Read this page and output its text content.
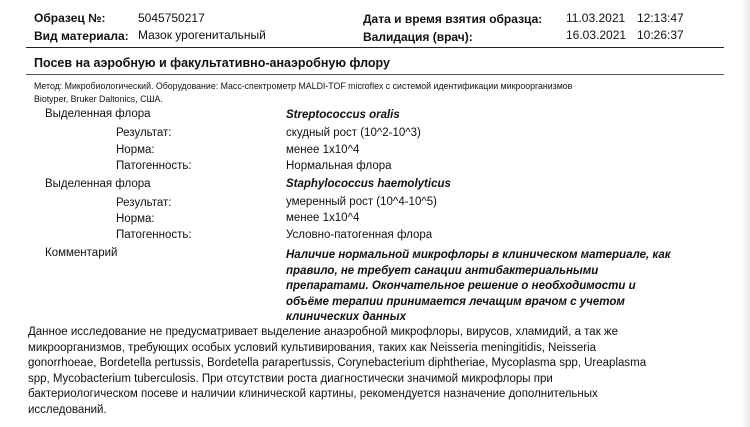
Образец №:	5045750217
Вид материала: Мазок урогенитальный
Дата и время взятия образца: 11.03.2021 12:13:47
Валидация (врач):	16.03.2021 10:26:37
Посев на аэробную и факультативно-анаэробную флору
Метод: Микробиологический. Оборудование: Масс-спектрометр MALDI-TOF microflex с системой идентификации микроорганизмов
Biotyper, Bruker Daltonics, США.
Выделенная флора	Streptococcus oralis
Результат:	скудный рост (10^2-10^3)
Норма:	менее 1х10^4
Патогенность:	Нормальная флора
Выделенная флора	Staphylococcus haemolyticus
Результат:	умеренный рост (10^4-10^5)
Норма:	менее 1х10^4
Патогенность:	Условно-патогенная флора
Комментарий	Наличие нормальной микрофлоры в клиническом материале, как
правило, не требует санации антибактериальными
препаратами. Окончательное решение о необходимости и
объёме терапии принимается лечащим врачом с учетом
клинических данных
Данное исследование не предусматривает выделение анаэробной микрофлоры, вирусов, хламидий, а так же
микроорганизмов, требующих особых условий культивирования, таких как Neisseria meningitidis, Neisseria
gonorrhoeae, Bordetella pertussis, Bordetella parapertussis, Corynebacterium diphtheriae, Mycoplasma spp, Ureaplasma
spp, Mycobacterium tuberculosis. При отсутствии роста диагностически значимой микрофлоры при
бактериологическом посеве и наличии клинической картины, рекомендуется назначение дополнительных
исследований.
